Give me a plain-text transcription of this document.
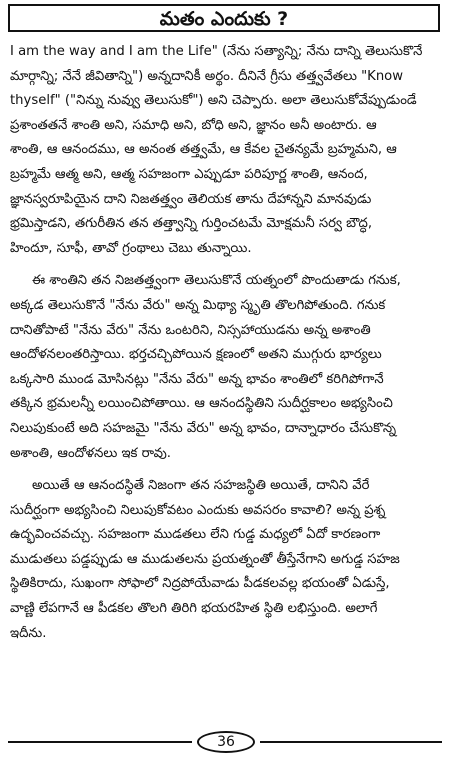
మతం ఎందుకు ?

I am the way and I am the Life" (నేను సత్యాన్ని; నేను దాన్ని తెలుసుకొనే
మార్గాన్ని; నేనే జీవితాన్ని") అన్నదానికీ అర్థం. దీనినే గ్రీసు తత్త్వవేతలు "Know
thyself" ("నిన్ను నువ్వు తెలుసుకో") అని చెప్పారు. అలా తెలుసుకోవేప్పుడుండే
ప్రశాంతతనే శాంతి అని, సమాధి అని, బోధి అని, జ్ఞానం అనీ అంటారు. ఆ
శాంతి, ఆ ఆనందము, ఆ అనంత తత్త్వమే, ఆ కేవల చైతన్యమే బ్రహ్మమని, ఆ
బ్రహ్మమే ఆత్మ అని, ఆత్మ సహజంగా ఎప్పుడూ పరిపూర్ణ శాంతి, ఆనంద,
జ్ఞానస్వరూపియైన దాని నిజతత్త్వం తెలియక తాను దేహాన్నని మానవుడు
భ్రమిస్తాడని, తగురీతిన తన తత్త్వాన్ని గుర్తించటమే మోక్షమనీ సర్వ బౌద్ధ,
హిందూ, సూఫీ, తావో గ్రంథాలు చెబు తున్నాయి.

ఈ శాంతిని తన నిజతత్త్వంగా తెలుసుకొనే యత్నంలో పొందుతాడు గనుక,
అక్కడ తెలుసుకొనే "నేను వేరు" అన్న మిథ్యా స్మృతి తొలగిపోతుంది. గనుక
దానితోపాటే "నేను వేరు" నేను ఒంటరిని, నిస్సహాయుడను అన్న అశాంతి
ఆందోళనలంతరిస్తాయి. భర్తచచ్చిపోయిన క్షణంలో అతని ముగ్గురు భార్యలు
ఒక్కసారి ముండ మోసినట్లు "నేను వేరు" అన్న భావం శాంతిలో కరిగిపోగానే
తక్కిన భ్రమలన్నీ లయించిపోతాయి. ఆ ఆనందస్థితిని సుదీర్ఘకాలం అభ్యసించి
నిలుపుకుంటే అది సహజమై "నేను వేరు" అన్న భావం, దాన్నాధారం చేసుకొన్న
అశాంతి, ఆందోళనలు ఇక రావు.

అయితే ఆ ఆనందస్థితే నిజంగా తన సహజస్థితి అయితే, దానిని వేరే
సుదీర్ఘంగా అభ్యసించి నిలుపుకోవటం ఎందుకు అవసరం కావాలి? అన్న ప్రశ్న
ఉద్భవించవచ్చు. సహజంగా ముడతలు లేని గుడ్డ మధ్యలో ఏదో కారణంగా
ముడుతలు పడ్డప్పుడు ఆ ముడుతలను ప్రయత్నంతో తీస్తేనేగాని అగుడ్డ సహజ
స్థితికిరాదు, సుఖంగా సోఫాలో నిద్రపోయేవాడు పీడకలవల్ల భయంతో ఏడుస్తే,
వాణ్ణి లేపగానే ఆ పీడకల తొలగి తిరిగి భయరహిత స్థితి లభిస్తుంది. అలాగే
ఇదీను.

36
